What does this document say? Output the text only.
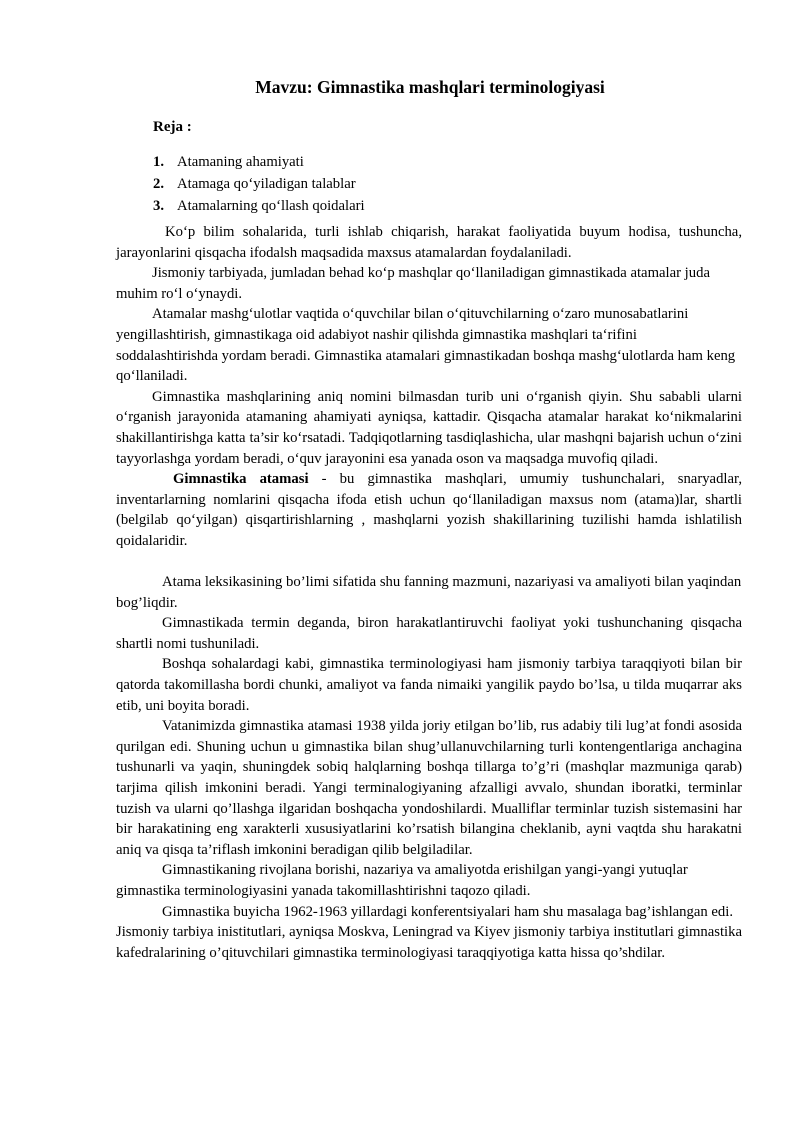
Mavzu: Gimnastika mashqlari terminologiyasi
Reja :
1. Atamaning ahamiyati
2. Atamaga qo‘yiladigan talablar
3. Atamalarning qo‘llash qoidalari

Ko‘p bilim sohalarida, turli ishlab chiqarish, harakat faoliyatida buyum hodisa, tushuncha, jarayonlarini qisqacha ifodalsh maqsadida maxsus atamalardan foydalaniladi.

Jismoniy tarbiyada, jumladan behad ko‘p mashqlar qo‘llaniladigan gimnastikada atamalar juda muhim ro‘l o‘ynaydi.

Atamalar mashg‘ulotlar vaqtida o‘quvchilar bilan o‘qituvchilarning o‘zaro munosabatlarini yengillashtirish, gimnastikaga oid adabiyot nashir qilishda gimnastika mashqlari ta‘rifini soddalashtirishda yordam beradi. Gimnastika atamalari gimnastikadan boshqa mashg‘ulotlarda ham keng qo‘llaniladi.

Gimnastika mashqlarining aniq nomini bilmasdan turib uni o‘rganish qiyin. Shu sababli ularni o‘rganish jarayonida atamaning ahamiyati ayniqsa, kattadir. Qisqacha atamalar harakat ko‘nikmalarini shakillantirishga katta ta’sir ko‘rsatadi. Tadqiqotlarning tasdiqlashicha, ular mashqni bajarish uchun o‘zini tayyorlashga yordam beradi, o‘quv jarayonini esa yanada oson va maqsadga muvofiq qiladi.

Gimnastika atamasi - bu gimnastika mashqlari, umumiy tushunchalari, snaryadlar, inventarlarning nomlarini qisqacha ifoda etish uchun qo‘llaniladigan maxsus nom (atama)lar, shartli (belgilab qo‘yilgan) qisqartirishlarning , mashqlarni yozish shakillarining tuzilishi hamda ishlatilish qoidalaridir.

Atama leksikasining bo’limi sifatida shu fanning mazmuni, nazariyasi va amaliyoti bilan yaqindan bog’liqdir.

Gimnastikada termin deganda, biron harakatlantiruvchi faoliyat yoki tushunchaning qisqacha shartli nomi tushuniladi.

Boshqa sohalardagi kabi, gimnastika terminologiyasi ham jismoniy tarbiya taraqqiyoti bilan bir qatorda takomillasha bordi chunki, amaliyot va fanda nimaiki yangilik paydo bo’lsa, u tilda muqarrar aks etib, uni boyita boradi.

Vatanimizda gimnastika atamasi 1938 yilda joriy etilgan bo’lib, rus adabiy tili lug’at fondi asosida qurilgan edi. Shuning uchun u gimnastika bilan shug’ullanuvchilarning turli kontengentlariga anchagina tushunarli va yaqin, shuningdek sobiq halqlarning boshqa tillarga to’g’ri (mashqlar mazmuniga qarab) tarjima qilish imkonini beradi. Yangi terminalogiyaning afzalligi avvalo, shundan iboratki, terminlar tuzish va ularni qo’llashga ilgaridan boshqacha yondoshilardi. Mualliflar terminlar tuzish sistemasini har bir harakatining eng xarakterli xususiyatlarini ko’rsatish bilangina cheklanib, ayni vaqtda shu harakatni aniq va qisqa ta’riflash imkonini beradigan qilib belgiladilar.

Gimnastikaning rivojlana borishi, nazariya va amaliyotda erishilgan yangi-yangi yutuqlar gimnastika terminologiyasini yanada takomillashtirishni taqozo qiladi.

Gimnastika buyicha 1962-1963 yillardagi konferentsiyalari ham shu masalaga bag’ishlangan edi.

Jismoniy tarbiya inistitutlari, ayniqsa Moskva, Leningrad va Kiyev jismoniy tarbiya institutlari gimnastika kafedralarining o’qituvchilari gimnastika terminologiyasi taraqqiyotiga katta hissa qo’shdilar.
